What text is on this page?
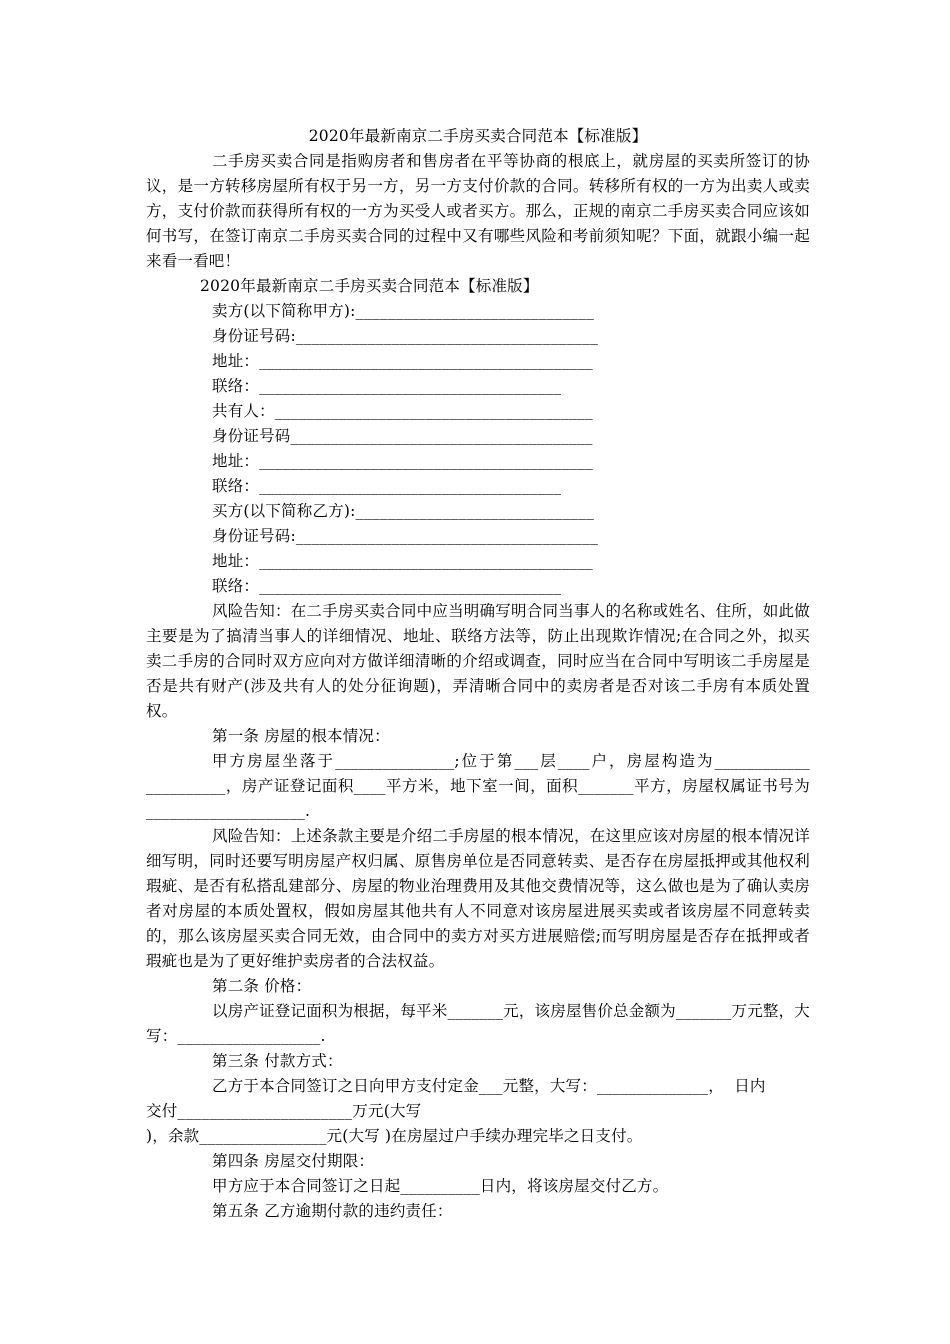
2020年最新南京二手房买卖合同范本【标准版】

二手房买卖合同是指购房者和售房者在平等协商的根底上，就房屋的买卖所签订的协议，是一方转移房屋所有权于另一方，另一方支付价款的合同。转移所有权的一方为出卖人或卖方，支付价款而获得所有权的一方为买受人或者买方。那么，正规的南京二手房买卖合同应该如何书写，在签订南京二手房买卖合同的过程中又有哪些风险和考前须知呢？下面，就跟小编一起来看一看吧！

2020年最新南京二手房买卖合同范本【标准版】

卖方(以下简称甲方):______________________________

身份证号码:______________________________________

地址：__________________________________________

联络：______________________________________

共有人：________________________________________

身份证号码______________________________________

地址：__________________________________________

联络：______________________________________

买方(以下简称乙方):______________________________

身份证号码:______________________________________

地址：__________________________________________

联络：______________________________________

风险告知：在二手房买卖合同中应当明确写明合同当事人的名称或姓名、住所，如此做主要是为了搞清当事人的详细情况、地址、联络方法等，防止出现欺诈情况;在合同之外，拟买卖二手房的合同时双方应向对方做详细清晰的介绍或调查，同时应当在合同中写明该二手房屋是否是共有财产(涉及共有人的处分征询题)，弄清晰合同中的卖房者是否对该二手房有本质处置权。

第一条 房屋的根本情况：

甲方房屋坐落于_______________;位于第___层____户，房屋构造为____________ __________，房产证登记面积____平方米，地下室一间，面积_______平方，房屋权属证书号为____________________.

风险告知：上述条款主要是介绍二手房屋的根本情况，在这里应该对房屋的根本情况详细写明，同时还要写明房屋产权归属、原售房单位是否同意转卖、是否存在房屋抵押或其他权利瑕疵、是否有私搭乱建部分、房屋的物业治理费用及其他交费情况等，这么做也是为了确认卖房者对房屋的本质处置权，假如房屋其他共有人不同意对该房屋进展买卖或者该房屋不同意转卖的，那么该房屋买卖合同无效，由合同中的卖方对买方进展赔偿;而写明房屋是否存在抵押或者瑕疵也是为了更好维护卖房者的合法权益。

第二条 价格：

以房产证登记面积为根据，每平米_______元，该房屋售价总金额为_______万元整，大写：__________________.

第三条 付款方式：

乙方于本合同签订之日向甲方支付定金___元整，大写：______________，  日内

交付______________________万元(大写

)，余款________________元(大写 )在房屋过户手续办理完毕之日支付。

第四条 房屋交付期限：

甲方应于本合同签订之日起__________日内，将该房屋交付乙方。

第五条 乙方逾期付款的违约责任：
